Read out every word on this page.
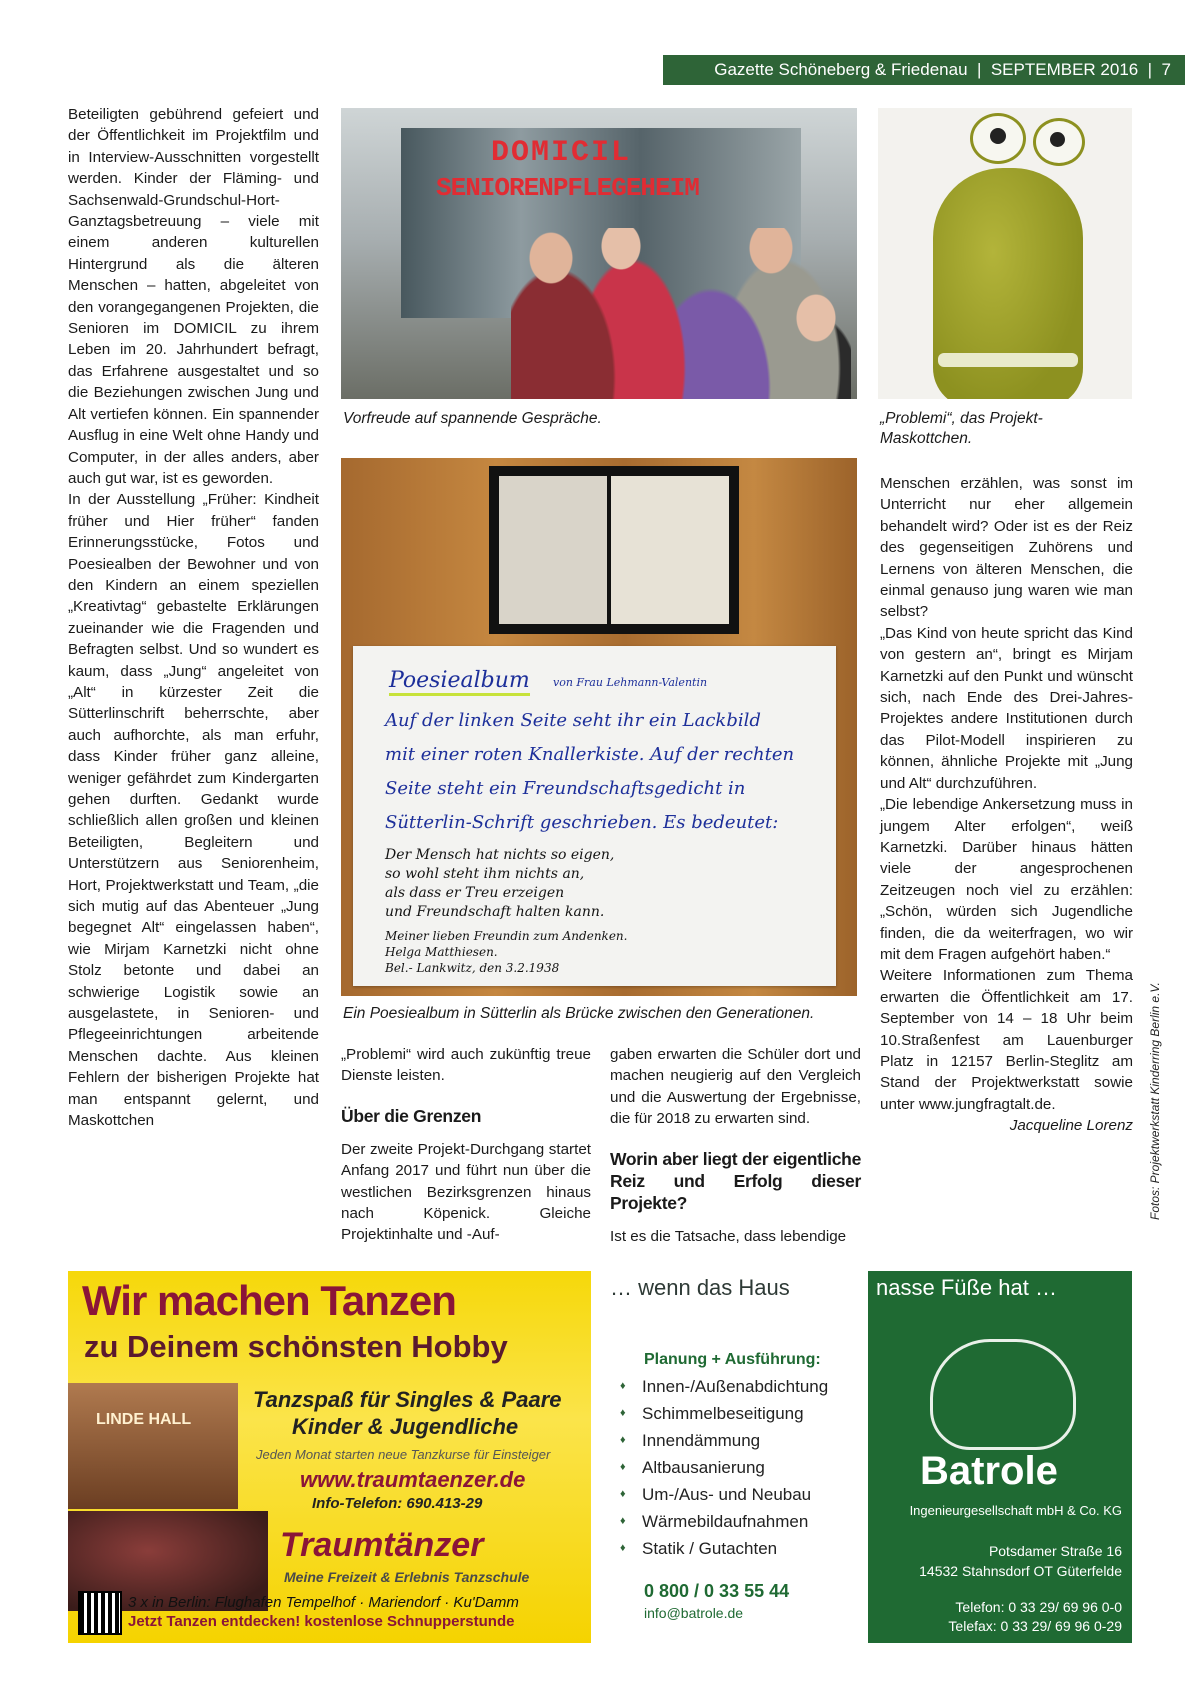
Gazette Schöneberg & Friedenau  |  SEPTEMBER 2016  |  7

Beteiligten gebührend gefeiert und der Öffentlichkeit im Projektfilm und in Interview-Ausschnitten vorgestellt werden. Kinder der Fläming- und Sachsenwald-Grundschul-Hort-Ganztagsbetreuung – viele mit einem anderen kulturellen Hintergrund als die älteren Menschen – hatten, abgeleitet von den vorangegangenen Projekten, die Senioren im DOMICIL zu ihrem Leben im 20. Jahrhundert befragt, das Erfahrene ausgestaltet und so die Beziehungen zwischen Jung und Alt vertiefen können. Ein spannender Ausflug in eine Welt ohne Handy und Computer, in der alles anders, aber auch gut war, ist es geworden.

In der Ausstellung „Früher: Kindheit früher und Hier früher“ fanden Erinnerungsstücke, Fotos und Poesiealben der Bewohner und von den Kindern an einem speziellen „Kreativtag“ gebastelte Erklärungen zueinander wie die Fragenden und Befragten selbst. Und so wundert es kaum, dass „Jung“ angeleitet von „Alt“ in kürzester Zeit die Sütterlinschrift beherrschte, aber auch aufhorchte, als man erfuhr, dass Kinder früher ganz alleine, weniger gefährdet zum Kindergarten gehen durften. Gedankt wurde schließlich allen großen und kleinen Beteiligten, Begleitern und Unterstützern aus Seniorenheim, Hort, Projektwerkstatt und Team, „die sich mutig auf das Abenteuer „Jung begegnet Alt“ eingelassen haben“, wie Mirjam Karnetzki nicht ohne Stolz betonte und dabei an schwierige Logistik sowie an ausgelastete, in Senioren- und Pflegeeinrichtungen arbeitende Menschen dachte. Aus kleinen Fehlern der bisherigen Projekte hat man entspannt gelernt, und Maskottchen

DOMICIL
SENIORENPFLEGEHEIM
Vorfreude auf spannende Gespräche.	„Problemi“, das Projekt-Maskottchen.
Poesiealbum von Frau Lehmann-Valentin
Auf der linken Seite seht ihr ein Lackbild
mit einer roten Knallerkiste. Auf der rechten
Seite steht ein Freundschaftsgedicht in
Sütterlin-Schrift geschrieben. Es bedeutet:
Der Mensch hat nichts so eigen,
so wohl steht ihm nichts an,
als dass er Treu erzeigen
und Freundschaft halten kann.
Meiner lieben Freundin zum Andenken.
Helga Matthiesen.
Bel.- Lankwitz, den 3.2.1938
Ein Poesiealbum in Sütterlin als Brücke zwischen den Generationen.

„Problemi“ wird auch zukünftig treue Dienste leisten.

Über die Grenzen

Der zweite Projekt-Durchgang startet Anfang 2017 und führt nun über die westlichen Bezirksgrenzen hinaus nach Köpenick. Gleiche Projektinhalte und -Auf-

gaben erwarten die Schüler dort und machen neugierig auf den Vergleich und die Auswertung der Ergebnisse, die für 2018 zu erwarten sind.

Worin aber liegt der eigentliche Reiz und Erfolg dieser Projekte?

Ist es die Tatsache, dass lebendige

Menschen erzählen, was sonst im Unterricht nur eher allgemein behandelt wird? Oder ist es der Reiz des gegenseitigen Zuhörens und Lernens von älteren Menschen, die einmal genauso jung waren wie man selbst?

„Das Kind von heute spricht das Kind von gestern an“, bringt es Mirjam Karnetzki auf den Punkt und wünscht sich, nach Ende des Drei-Jahres-Projektes andere Institutionen durch das Pilot-Modell inspirieren zu können, ähnliche Projekte mit „Jung und Alt“ durchzuführen.

„Die lebendige Ankersetzung muss in jungem Alter erfolgen“, weiß Karnetzki. Darüber hinaus hätten viele der angesprochenen Zeitzeugen noch viel zu erzählen: „Schön, würden sich Jugendliche finden, die da weiterfragen, wo wir mit dem Fragen aufgehört haben.“

Weitere Informationen zum Thema erwarten die Öffentlichkeit am 17. September von 14 – 18 Uhr beim 10.Straßenfest am Lauenburger Platz in 12157 Berlin-Steglitz am Stand der Projektwerkstatt sowie unter www.jungfragtalt.de.

Jacqueline Lorenz Fotos: Projektwerkstatt Kinderring Berlin e.V.
Wir machen Tanzen
zu Deinem schönsten Hobby
LINDE HALL
Tanzspaß für Singles & Paare
Kinder & Jugendliche
Jeden Monat starten neue Tanzkurse für Einsteiger
www.traumtaenzer.de
Info-Telefon: 690.413-29
Traumtänzer
Meine Freizeit & Erlebnis Tanzschule
3 x in Berlin: Flughafen Tempelhof · Mariendorf · Ku'Damm
Jetzt Tanzen entdecken! kostenlose Schnupperstunde
… wenn das Haus	nasse Füße hat …
Planung + Ausführung:
♦ Innen-/Außenabdichtung
♦ Schimmelbeseitigung
♦ Innendämmung
♦ Altbausanierung
♦ Um-/Aus- und Neubau
♦ Wärmebildaufnahmen
♦ Statik / Gutachten
0 800 / 0 33 55 44
info@batrole.de
Batrole
Ingenieurgesellschaft mbH & Co. KG
Potsdamer Straße 16
14532 Stahnsdorf OT Güterfelde
Telefon: 0 33 29/ 69 96 0-0
Telefax: 0 33 29/ 69 96 0-29
